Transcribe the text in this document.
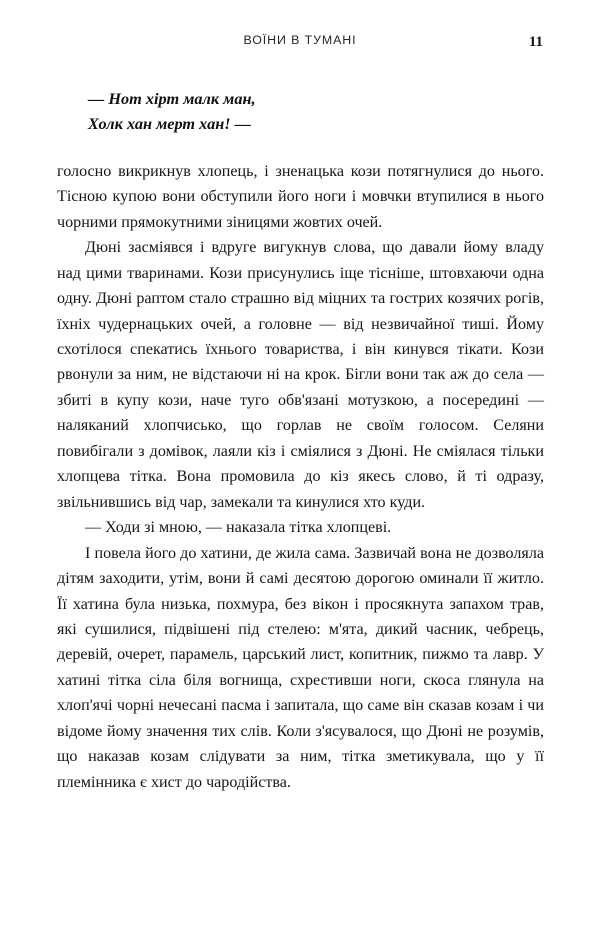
ВОЇНИ В ТУМАНІ	11
— Нот хірт малк ман,
Холк хан мерт хан! —

голосно викрикнув хлопець, і зненацька кози потягнулися до нього. Тісною купою вони обступили його ноги і мовчки втупилися в нього чорними прямокутними зіницями жовтих очей.

Дюні засміявся і вдруге вигукнув слова, що давали йому владу над цими тваринами. Кози присунулись іще тісніше, штовхаючи одна одну. Дюні раптом стало страшно від міцних та гострих козячих рогів, їхніх чудернацьких очей, а головне — від незвичайної тиші. Йому схотілося спекатись їхнього товариства, і він кинувся тікати. Кози рвонули за ним, не відстаючи ні на крок. Бігли вони так аж до села — збиті в купу кози, наче туго обв'язані мотузкою, а посередині — наляканий хлопчисько, що горлав не своїм голосом. Селяни повибігали з домівок, лаяли кіз і сміялися з Дюні. Не сміялася тільки хлопцева тітка. Вона промовила до кіз якесь слово, й ті одразу, звільнившись від чар, замекали та кинулися хто куди.

— Ходи зі мною, — наказала тітка хлопцеві.

І повела його до хатини, де жила сама. Зазвичай вона не дозволяла дітям заходити, утім, вони й самі десятою дорогою оминали її житло. Її хатина була низька, похмура, без вікон і просякнута запахом трав, які сушилися, підвішені під стелею: м'ята, дикий часник, чебрець, деревій, очерет, парамель, царський лист, копитник, пижмо та лавр. У хатині тітка сіла біля вогнища, схрестивши ноги, скоса глянула на хлоп'ячі чорні нечесані пасма і запитала, що саме він сказав козам і чи відоме йому значення тих слів. Коли з'ясувалося, що Дюні не розумів, що наказав козам слідувати за ним, тітка зметикувала, що у її племінника є хист до чародійства.
